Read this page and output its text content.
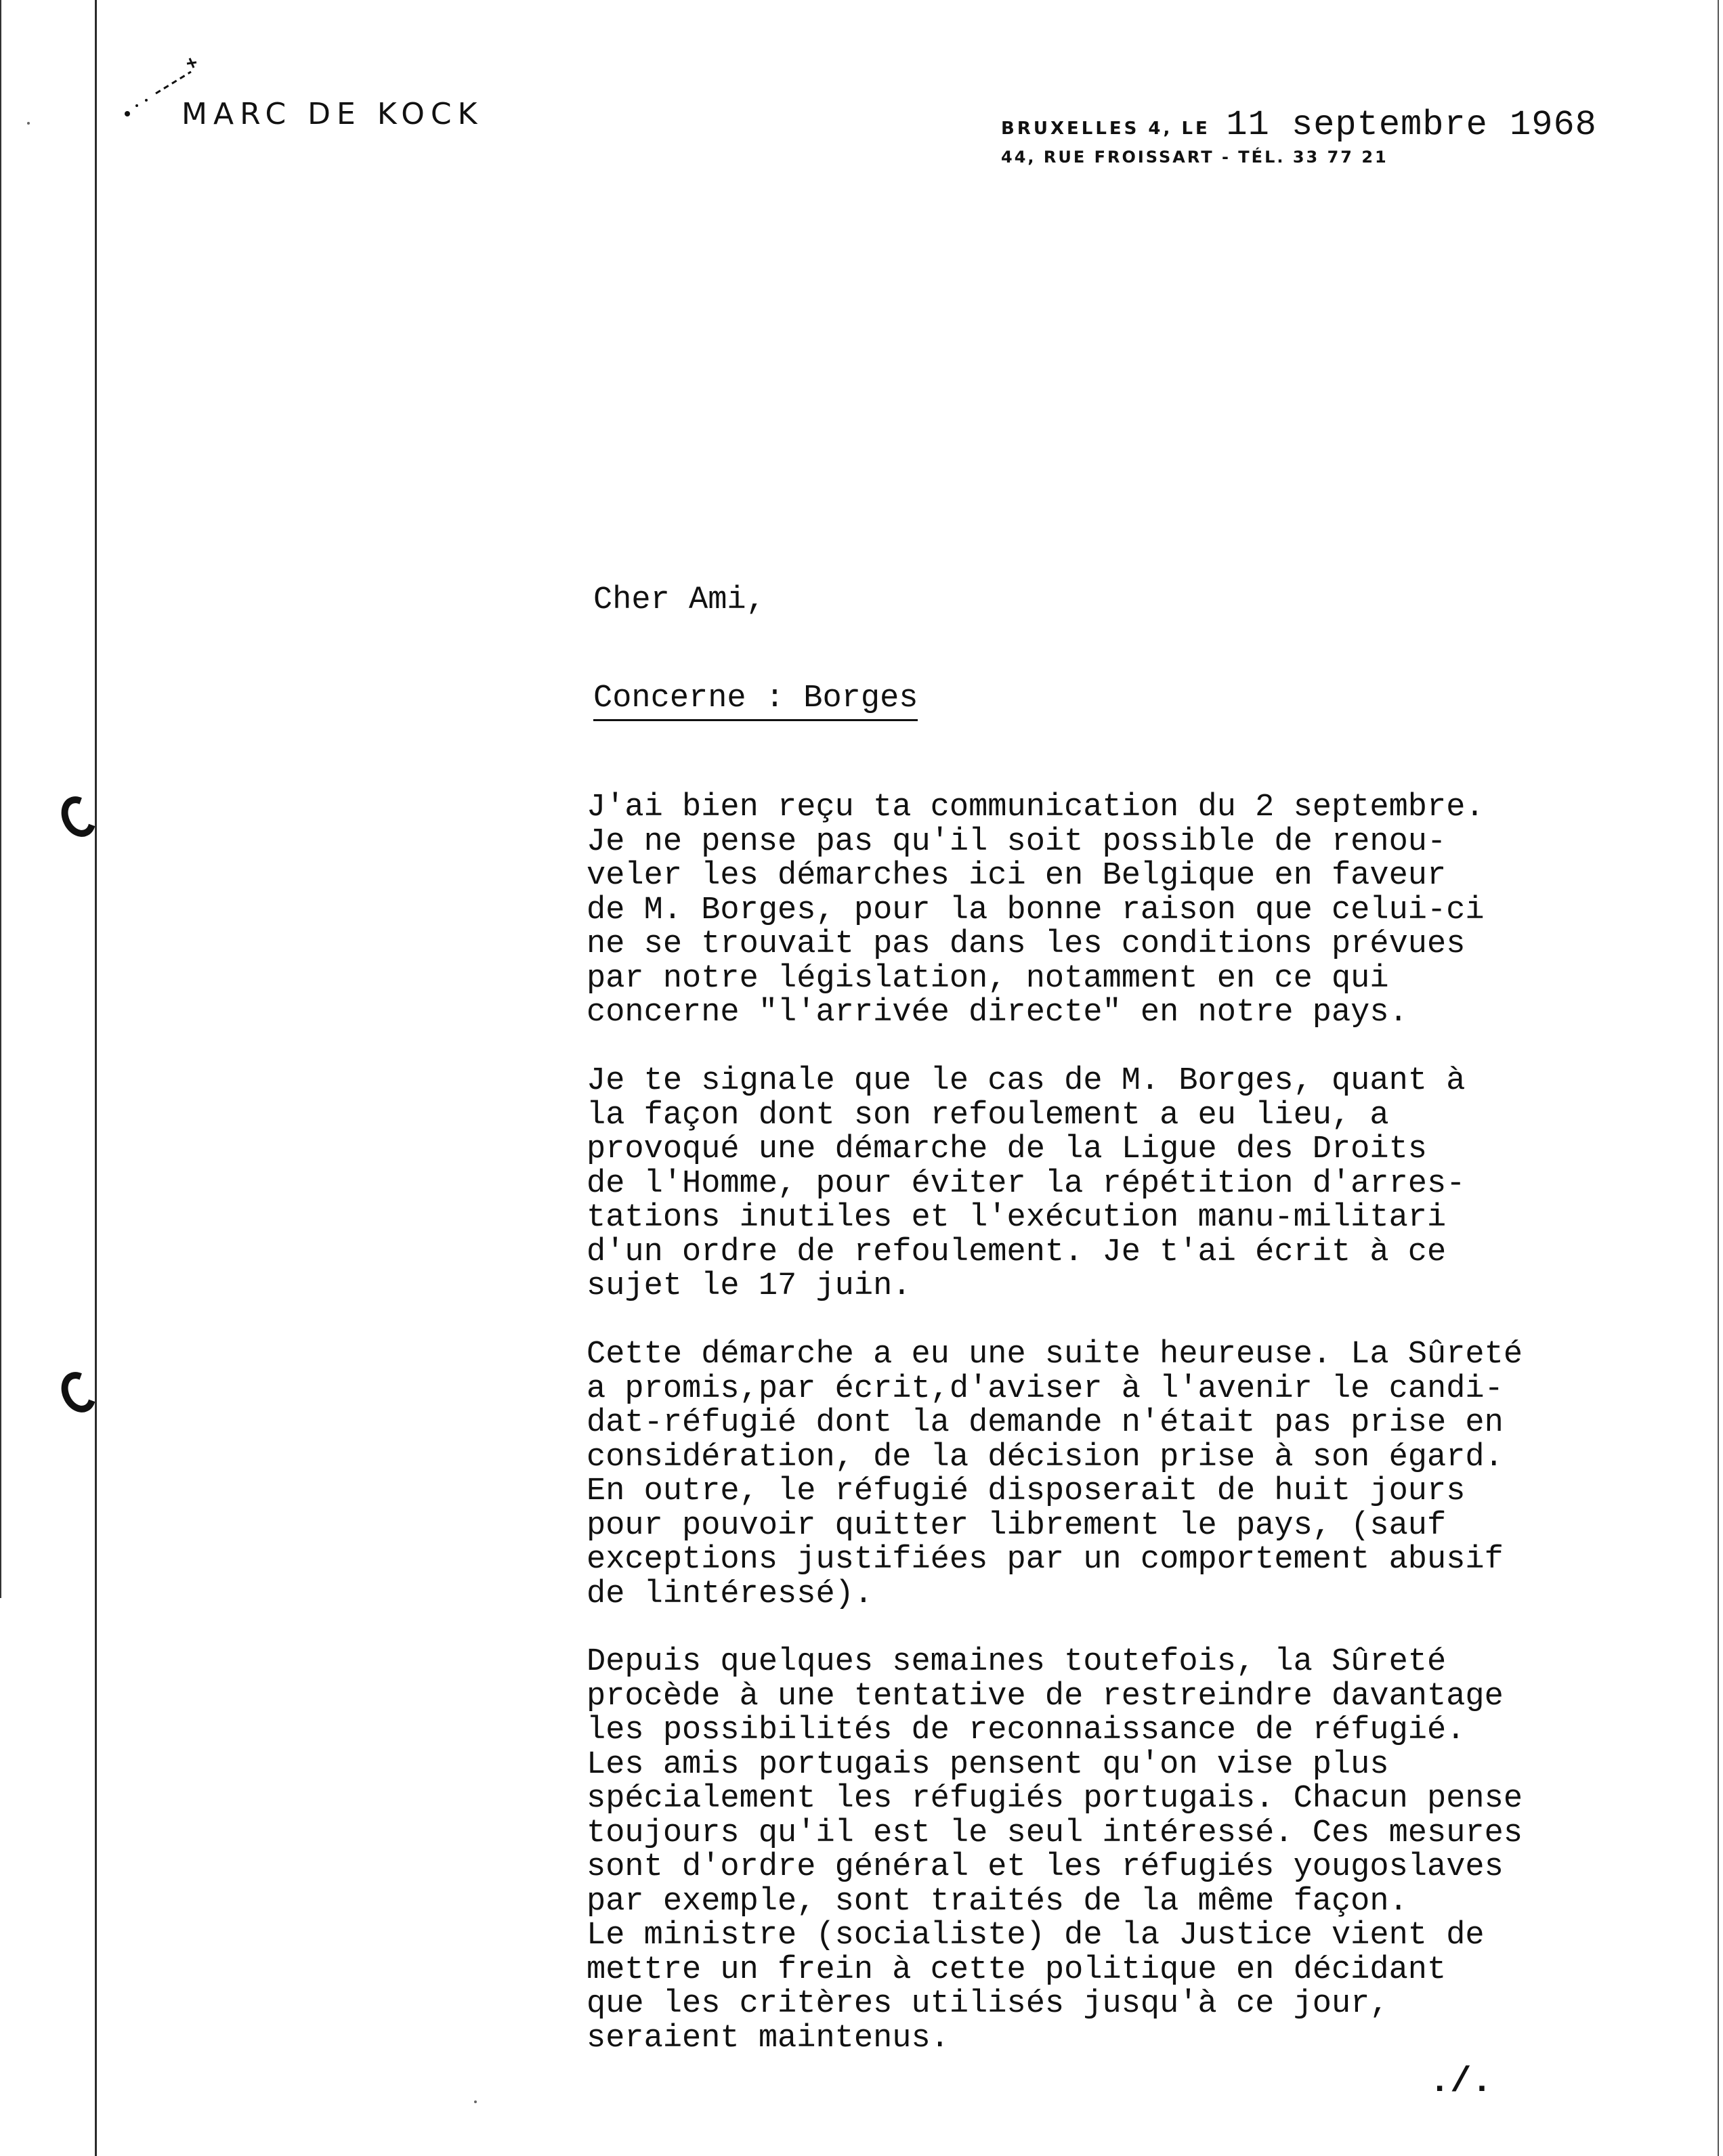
MARC DE KOCK	BRUXELLES 4, LE 11 septembre 1968
44, RUE FROISSART - TÉL. 33 77 21
Cher Ami,
Concerne : Borges
J'ai bien reçu ta communication du 2 septembre.
Je ne pense pas qu'il soit possible de renou-
veler les démarches ici en Belgique en faveur
de M. Borges, pour la bonne raison que celui-ci
ne se trouvait pas dans les conditions prévues
par notre législation, notamment en ce qui
concerne "l'arrivée directe" en notre pays.
Je te signale que le cas de M. Borges, quant à
la façon dont son refoulement a eu lieu, a
provoqué une démarche de la Ligue des Droits
de l'Homme, pour éviter la répétition d'arres-
tations inutiles et l'exécution manu-militari
d'un ordre de refoulement. Je t'ai écrit à ce
sujet le 17 juin.
Cette démarche a eu une suite heureuse. La Sûreté
a promis,par écrit,d'aviser à l'avenir le candi-
dat-réfugié dont la demande n'était pas prise en
considération, de la décision prise à son égard.
En outre, le réfugié disposerait de huit jours
pour pouvoir quitter librement le pays, (sauf
exceptions justifiées par un comportement abusif
de lintéressé).
Depuis quelques semaines toutefois, la Sûreté
procède à une tentative de restreindre davantage
les possibilités de reconnaissance de réfugié.
Les amis portugais pensent qu'on vise plus
spécialement les réfugiés portugais. Chacun pense
toujours qu'il est le seul intéressé. Ces mesures
sont d'ordre général et les réfugiés yougoslaves
par exemple, sont traités de la même façon.
Le ministre (socialiste) de la Justice vient de
mettre un frein à cette politique en décidant
que les critères utilisés jusqu'à ce jour,
seraient maintenus.
./.
